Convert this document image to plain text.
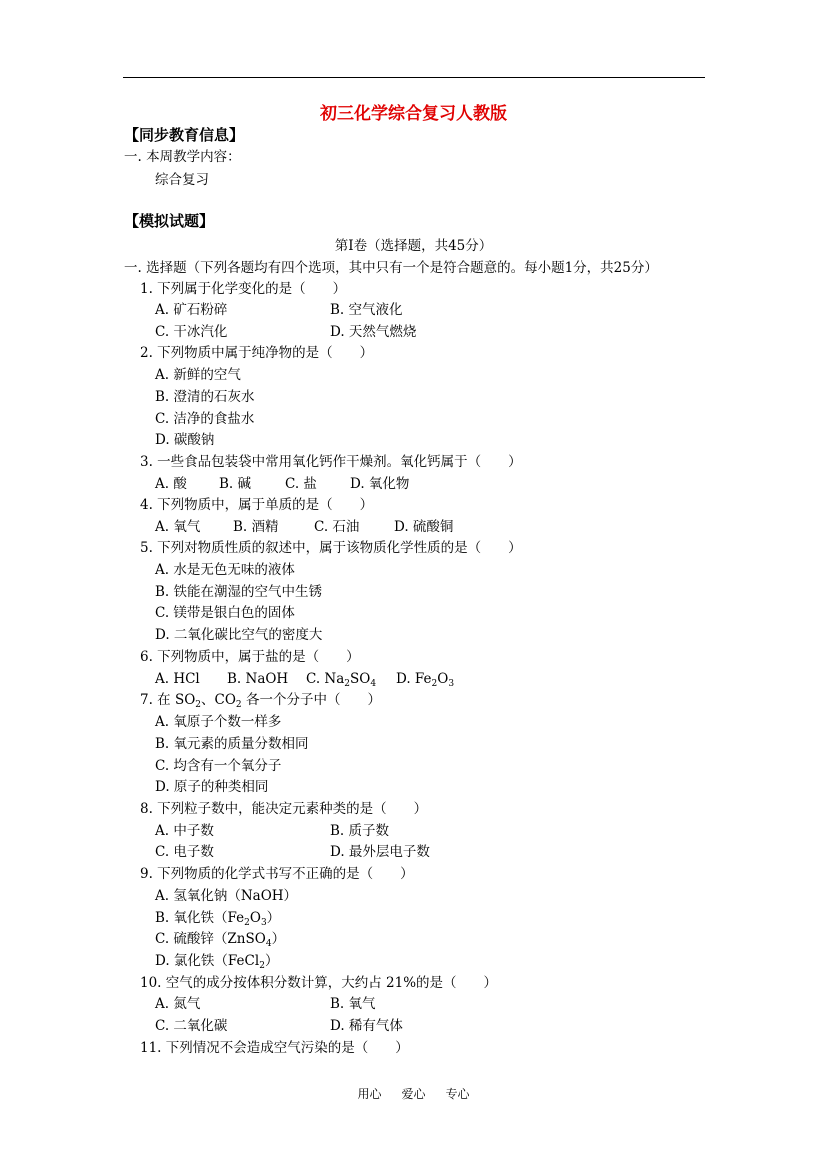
初三化学综合复习人教版
【同步教育信息】
一. 本周教学内容：
综合复习
【模拟试题】
第Ⅰ卷（选择题，共45分）
一. 选择题（下列各题均有四个选项，其中只有一个是符合题意的。每小题1分，共25分）
1. 下列属于化学变化的是（　　）
A. 矿石粉碎	B. 空气液化
C. 干冰汽化	D. 天然气燃烧
2. 下列物质中属于纯净物的是（　　）
A. 新鲜的空气
B. 澄清的石灰水
C. 洁净的食盐水
D. 碳酸钠
3. 一些食品包装袋中常用氧化钙作干燥剂。氧化钙属于（　　）
A. 酸 B. 碱	C. 盐 D. 氧化物
4. 下列物质中，属于单质的是（　　）
A. 氧气 B. 酒精	C. 石油	D. 硫酸铜
5. 下列对物质性质的叙述中，属于该物质化学性质的是（　　）
A. 水是无色无味的液体
B. 铁能在潮湿的空气中生锈
C. 镁带是银白色的固体
D. 二氧化碳比空气的密度大
6. 下列物质中，属于盐的是（　　）
A. HCl B. NaOH C. $Na_2SO_4$ D. $Fe_2O_3$
7. 在 $SO_2$、$CO_2$ 各一个分子中（　　）
A. 氧原子个数一样多
B. 氧元素的质量分数相同
C. 均含有一个氧分子
D. 原子的种类相同
8. 下列粒子数中，能决定元素种类的是（　　）
A. 中子数	B. 质子数
C. 电子数	D. 最外层电子数
9. 下列物质的化学式书写不正确的是（　　）
A. 氢氧化钠（NaOH）
B. 氧化铁$(Fe_2O_3)$
C. 硫酸锌（ZnSO$_4$）
D. 氯化铁（FeCl$_2$）
10. 空气的成分按体积分数计算，大约占 21%的是（　　）
A. 氮气	B. 氧气
C. 二氧化碳	D. 稀有气体
11. 下列情况不会造成空气污染的是（　　）
用心 爱心 专心
